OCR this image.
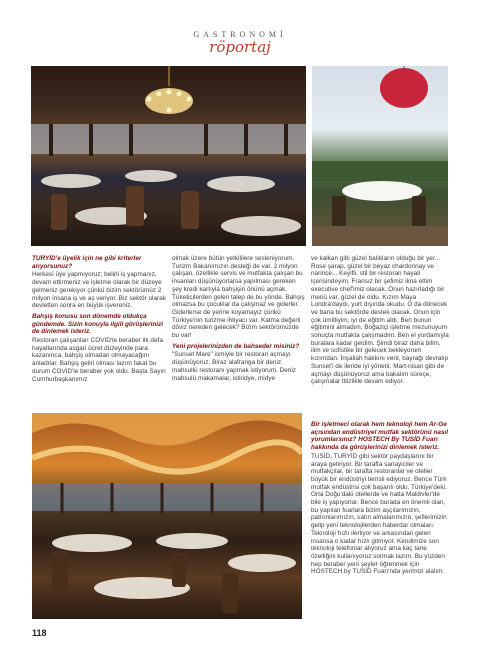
GASTRONOMİ
röportaj

TURYİD'e üyelik için ne gibi kriterler arıyorsunuz?

Herkesi üye yapmıyoruz; belirli iş yapmanız, devam ettirmeniz ve işletme olarak bir düzeye gelmeniz gerekiyor çünkü bizim sektörümüz 2 milyon insana iş ve aş veriyor. Biz sektör olarak devletten sonra en büyük işvereniz.

Bahşiş konusu son dönemde oldukça gündemde. Sizin konuyla ilgili görüşlerinizi de dinlemek isteriz.

Restoran çalışanları COVID'le beraber ilk defa hayatlarında asgari ücret düzeyinde para kazanınca, bahşiş olmadan olmayacağını anladılar. Bahşiş geliri olması lazım fakat bu durum COVID'le beraber yok oldu. Başta Sayın Cumhurbaşkanımız

olmak üzere bütün yetkililere sesleniyorum, Turizm Bakanımızın desteği de var. 2 milyon çalışan, özellikle servis ve mutfakta çalışan bu insanları düşünüyorlarsa yapılması gereken şey kredi kartıyla bahşişin önünü açmak. Tüketicilerden gelen talep de bu yönde. Bahşiş olmazsa bu çocuklar da çalışmaz ve giderler. Giderlerse de yerine koyamayız çünkü Türkiye'nin turizme ihtiyacı var. Katma değerli döviz nereden gelecek? Bizim sektörümüzde bu var!

Yeni projelerinizden de bahseder misiniz?

"Sunset Mare" ismiyle bir restoran açmayı düşünüyoruz. Biraz alafranga bir deniz mahsullü restoranı yapmak istiyorum. Deniz mahsulü makamalar, istiridye, midye

ve kalkan gibi güzel balıkların olduğu bir yer... Rose şarap, güzel bir beyaz chardonnay ve narince... Keyifli, stil bir restoran hayali içerisindeyim. Fransız bir şefimiz ikna ettim executive chef'imiz olacak. Onun hazırladığı bir menü var, güzel de oldu. Kızım Maya Londra'daydı, yurt dışında okudu. O da dönecek ve bana bu sektörde destek olacak. Onun için çok ümitliyim, iyi de eğitim aldı. Ben bunun eğitimini almadım, Boğaziçi işletme mezunuyum sonuçta mutfakta çalışmadım. Ben el yordamıyla buralara kadar geldim. Şimdi biraz daha bilim, ilim ve sofistike bir gelecek bekleyorum kızımdan. İnşallah hakkını verir, bayrağı devralıp Sunset'i de ileride iyi yönetir. Mart-nisan gibi de açmayı düşünüyoruz ama bakalım süreçe, çalışmalar titizlikle devam ediyor.

Bir işletmeci olarak hem teknoloji hem Ar-Ge açısından endüstriyel mutfak sektörünü nasıl yorumlarsınız? HOSTECH By TUSİD Fuarı hakkında da görüşlerinizi dinlemek isteriz.

TUSİD, TURYİD gibi sektör paydaşlarını bir araya getiriyor. Bir tarafta sanayiciler ve mutfakçılar, bir tarafta restoranlar ve oteller büyük bir endüstriyi temsil ediyoruz. Bence Türk mutfak endüstrisi çok başarılı oldu. Türkiye'deki, Orta Doğu'daki otellerde ve hatta Maldivler'de bile iş yapıyorlar. Bence burada en önemli olan, bu yapılan fuarlara bizim aşçılarımızın, patronlarımızın, satın almalarımızın, şeflerimizin gelip yeni teknolojilerden haberdar olmaları. Teknoloji hızlı ilerliyor ve arkasından gelen insansa o kadar hızlı gitmiyor. Kendimize son teknoloji telefonlar alıyoruz ama kaç tane özelliğini kullanıyoruz sormak lazım. Bu yüzden hep beraber yeni şeyler öğrenmek için HOSTECH by TUSİD Fuarı'nda yerimizi alalım.

118
